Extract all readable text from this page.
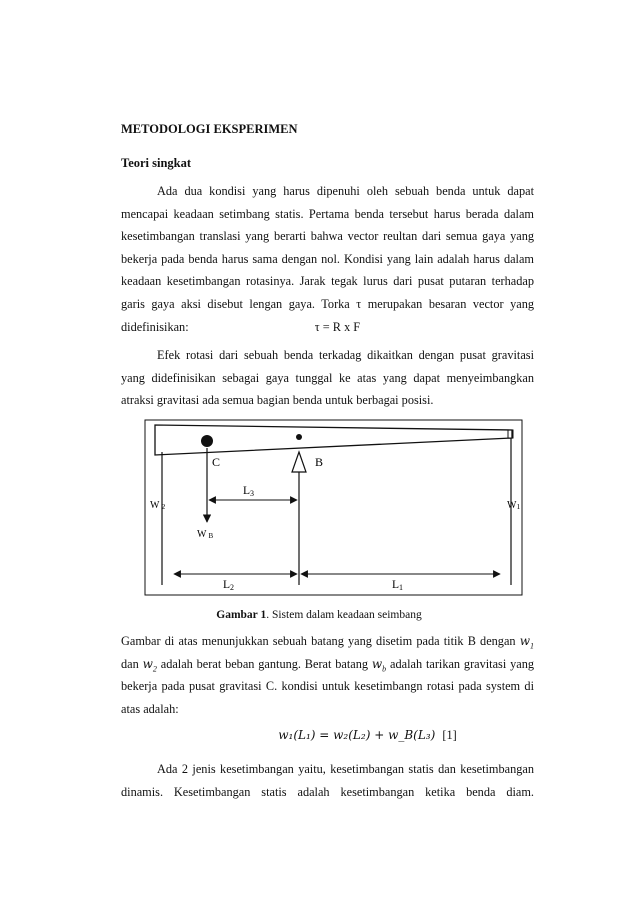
METODOLOGI EKSPERIMEN
Teori singkat
Ada dua kondisi yang harus dipenuhi oleh sebuah benda untuk dapat
mencapai keadaan setimbang statis. Pertama benda tersebut harus berada dalam
kesetimbangan translasi yang berarti bahwa vector reultan dari semua gaya yang
bekerja pada benda harus sama dengan nol. Kondisi yang lain adalah harus dalam
keadaan kesetimbangan rotasinya. Jarak tegak lurus dari pusat putaran terhadap
garis gaya aksi disebut lengan gaya. Torka τ merupakan besaran vector yang
didefinisikan:	τ = R x F
Efek rotasi dari sebuah benda terkadag dikaitkan dengan pusat gravitasi
yang didefinisikan sebagai gaya tunggal ke atas yang dapat menyeimbangkan
atraksi gravitasi ada semua bagian benda untuk berbagai posisi.
C	B
L3
W 2	W1
W B
L2	L1
Gambar 1. Sistem dalam keadaan seimbang
Gambar di atas menunjukkan sebuah batang yang disetim pada titik B dengan $w_1$
dan $w_2$ adalah berat beban gantung. Berat batang $w_b$ adalah tarikan gravitasi yang
bekerja pada pusat gravitasi C. kondisi untuk kesetimbangn rotasi pada system di
atas adalah:
w₁(L₁) = w₂(L₂) + w_B(L₃) [1]
Ada 2 jenis kesetimbangan yaitu, kesetimbangan statis dan kesetimbangan
dinamis. Kesetimbangan statis adalah kesetimbangan ketika benda diam.
